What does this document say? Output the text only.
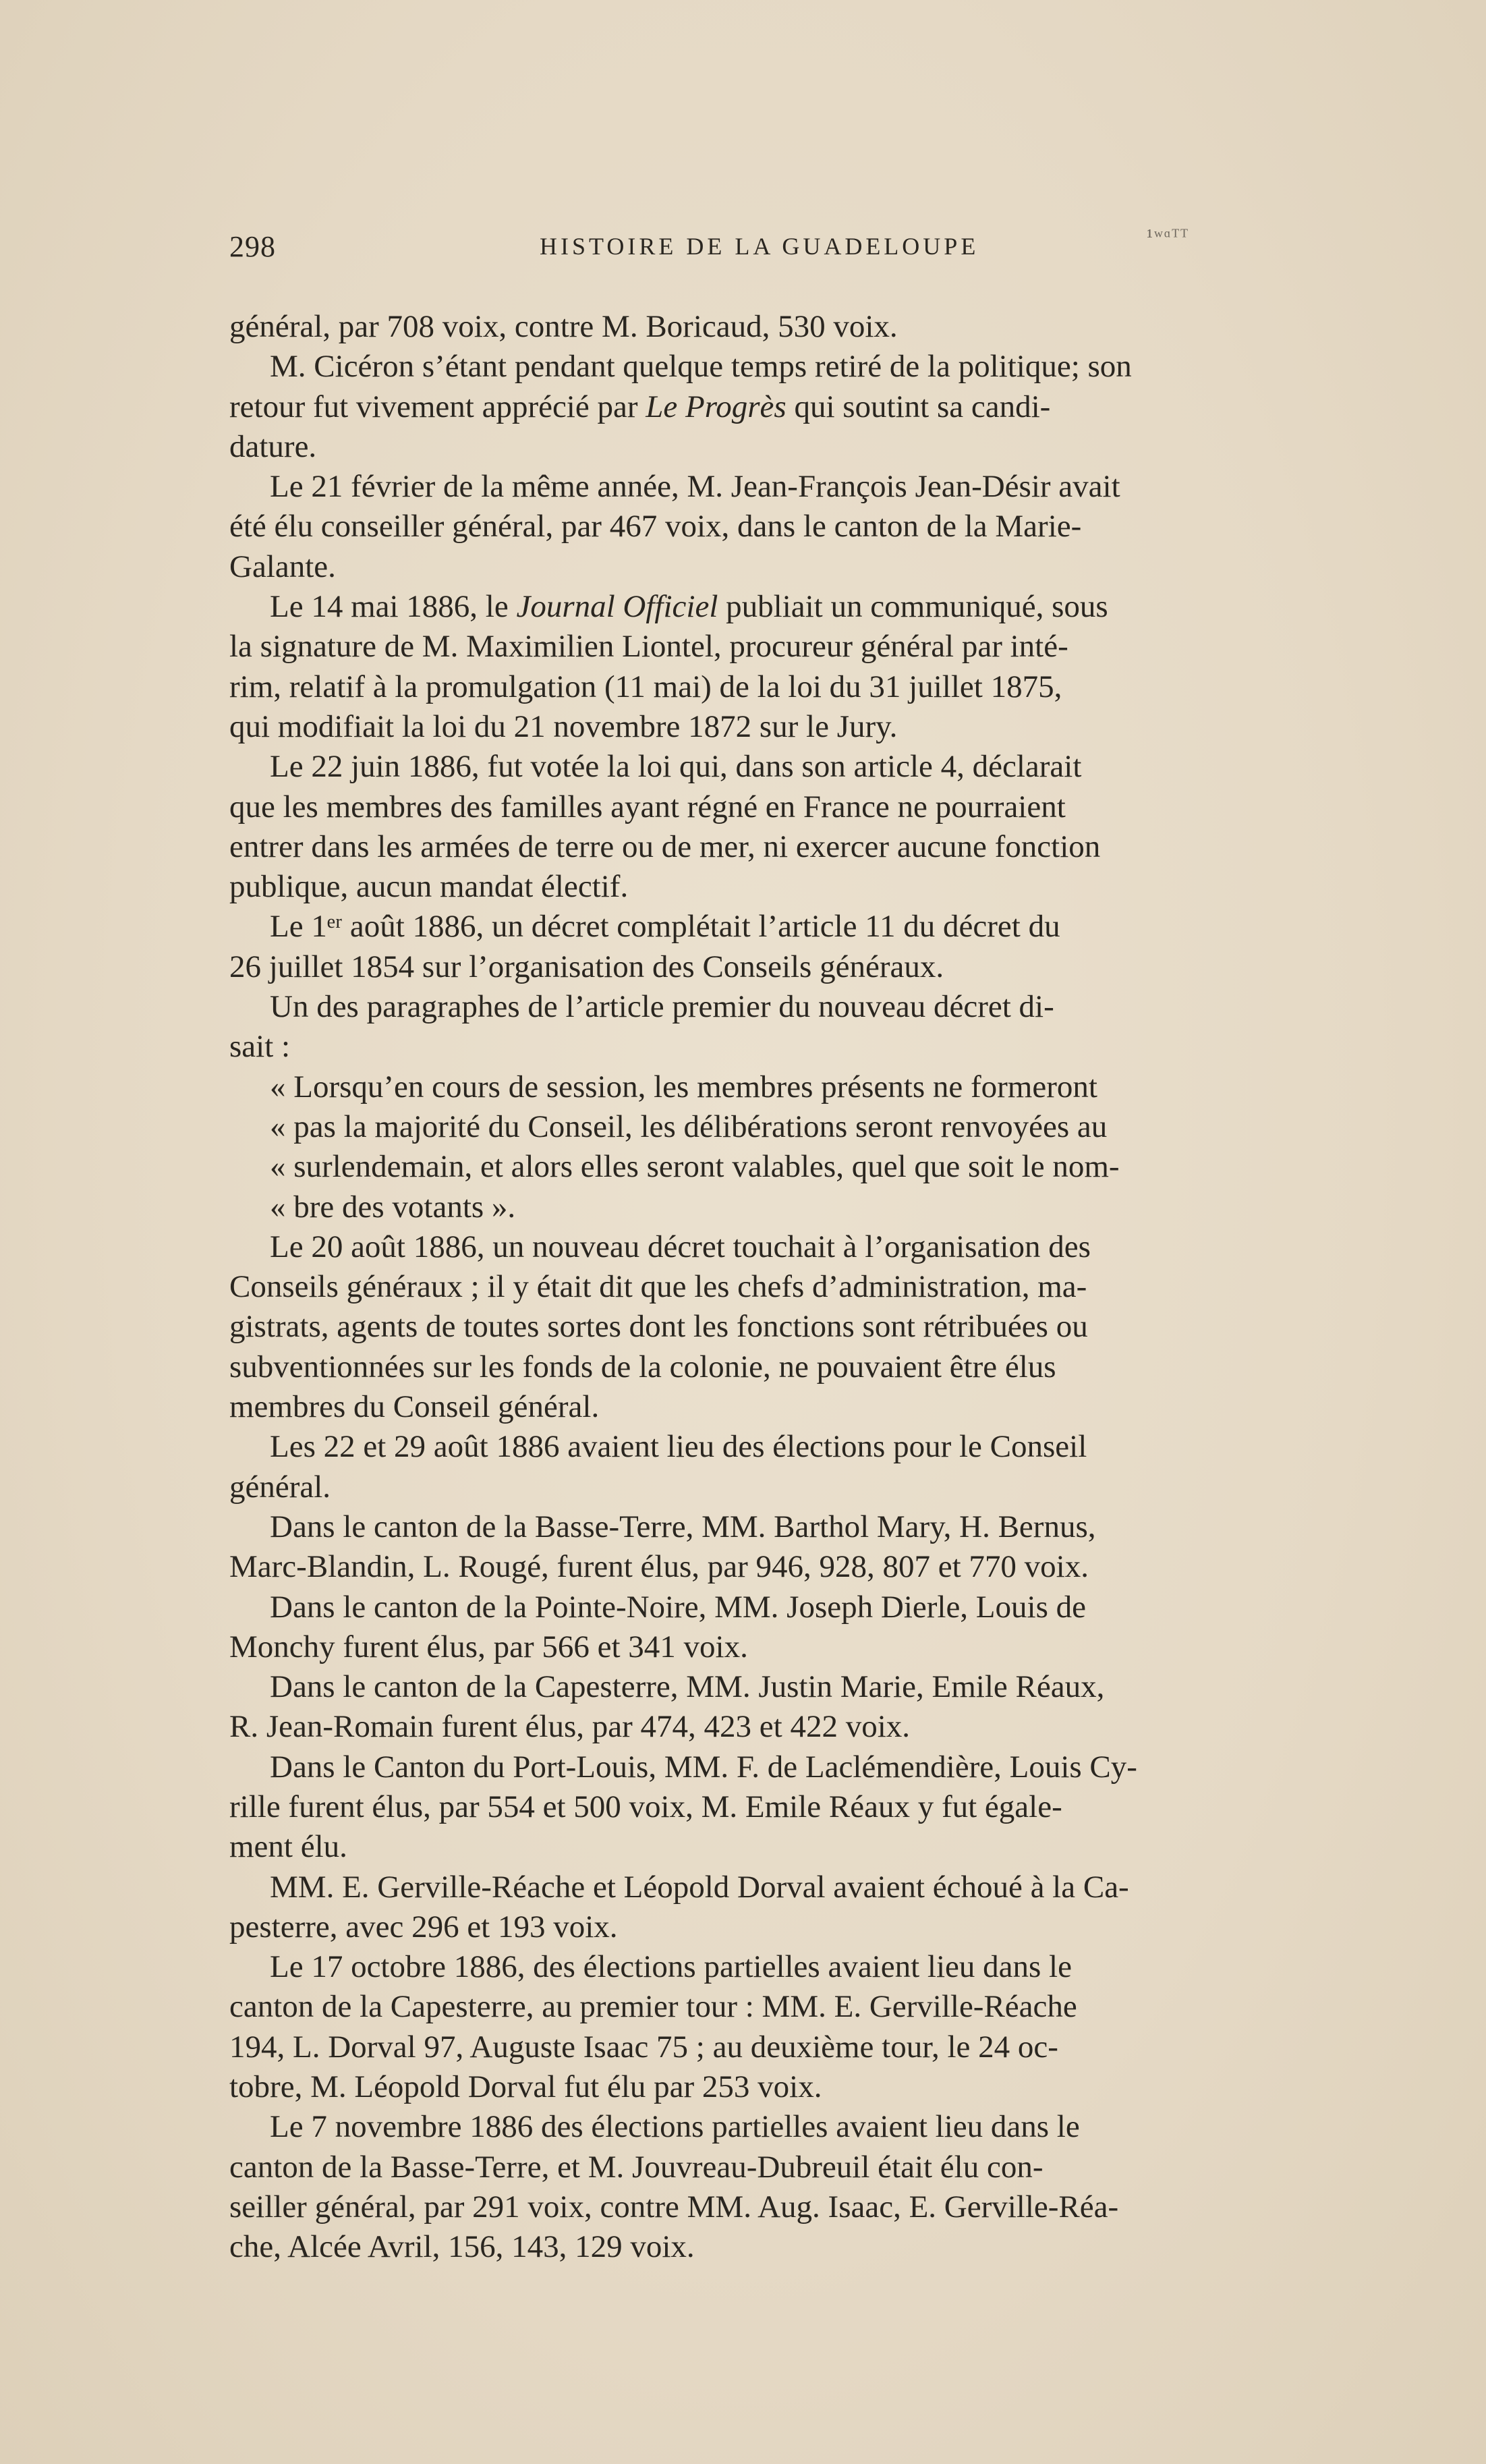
298	HISTOIRE DE LA GUADELOUPE	¹ʷᵅᵀᵀ
général, par 708 voix, contre M. Boricaud, 530 voix.
M. Cicéron s’étant pendant quelque temps retiré de la politique; son
retour fut vivement apprécié par Le Progrès qui soutint sa candi-
dature.
Le 21 février de la même année, M. Jean-François Jean-Désir avait
été élu conseiller général, par 467 voix, dans le canton de la Marie-
Galante.
Le 14 mai 1886, le Journal Officiel publiait un communiqué, sous
la signature de M. Maximilien Liontel, procureur général par inté-
rim, relatif à la promulgation (11 mai) de la loi du 31 juillet 1875,
qui modifiait la loi du 21 novembre 1872 sur le Jury.
Le 22 juin 1886, fut votée la loi qui, dans son article 4, déclarait
que les membres des familles ayant régné en France ne pourraient
entrer dans les armées de terre ou de mer, ni exercer aucune fonction
publique, aucun mandat électif.
Le 1ᵉʳ août 1886, un décret complétait l’article 11 du décret du
26 juillet 1854 sur l’organisation des Conseils généraux.
Un des paragraphes de l’article premier du nouveau décret di-
sait :
« Lorsqu’en cours de session, les membres présents ne formeront
« pas la majorité du Conseil, les délibérations seront renvoyées au
« surlendemain, et alors elles seront valables, quel que soit le nom-
« bre des votants ».
Le 20 août 1886, un nouveau décret touchait à l’organisation des
Conseils généraux ; il y était dit que les chefs d’administration, ma-
gistrats, agents de toutes sortes dont les fonctions sont rétribuées ou
subventionnées sur les fonds de la colonie, ne pouvaient être élus
membres du Conseil général.
Les 22 et 29 août 1886 avaient lieu des élections pour le Conseil
général.
Dans le canton de la Basse-Terre, MM. Barthol Mary, H. Bernus,
Marc-Blandin, L. Rougé, furent élus, par 946, 928, 807 et 770 voix.
Dans le canton de la Pointe-Noire, MM. Joseph Dierle, Louis de
Monchy furent élus, par 566 et 341 voix.
Dans le canton de la Capesterre, MM. Justin Marie, Emile Réaux,
R. Jean-Romain furent élus, par 474, 423 et 422 voix.
Dans le Canton du Port-Louis, MM. F. de Laclémendière, Louis Cy-
rille furent élus, par 554 et 500 voix, M. Emile Réaux y fut égale-
ment élu.
MM. E. Gerville-Réache et Léopold Dorval avaient échoué à la Ca-
pesterre, avec 296 et 193 voix.
Le 17 octobre 1886, des élections partielles avaient lieu dans le
canton de la Capesterre, au premier tour : MM. E. Gerville-Réache
194, L. Dorval 97, Auguste Isaac 75 ; au deuxième tour, le 24 oc-
tobre, M. Léopold Dorval fut élu par 253 voix.
Le 7 novembre 1886 des élections partielles avaient lieu dans le
canton de la Basse-Terre, et M. Jouvreau-Dubreuil était élu con-
seiller général, par 291 voix, contre MM. Aug. Isaac, E. Gerville-Réa-
che, Alcée Avril, 156, 143, 129 voix.
